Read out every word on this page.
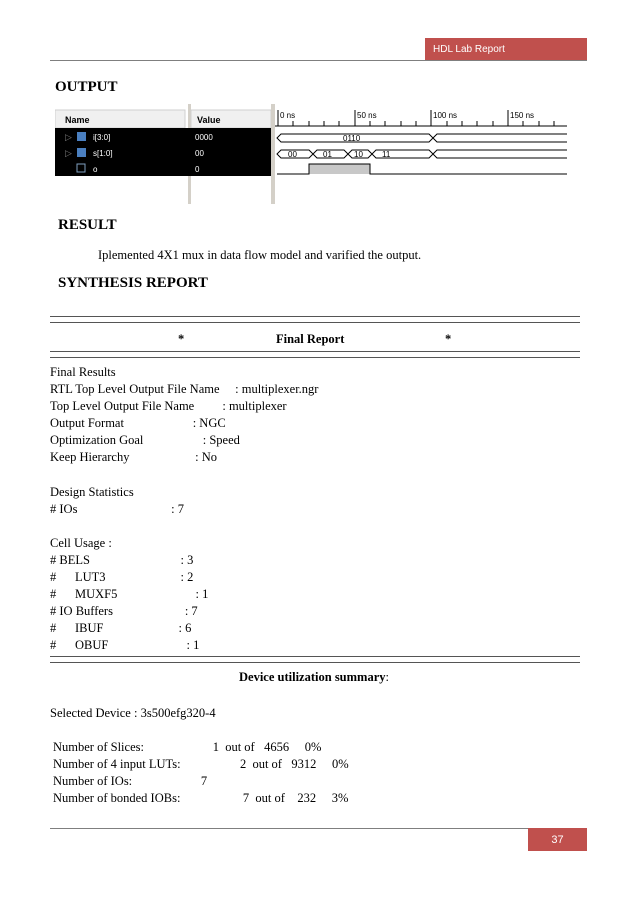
HDL Lab Report
OUTPUT
Name	Value
▷	i[3:0]	0000
▷	s[1:0]	00
o	0
0 ns	50 ns	100 ns	150 ns
0110
00	01	10 11
RESULT
Iplemented 4X1 mux in data flow model and varified the output.
SYNTHESIS REPORT
*	Final Report	*
Final Results
RTL Top Level Output File Name     : multiplexer.ngr
Top Level Output File Name         : multiplexer
Output Format                      : NGC
Optimization Goal                   : Speed
Keep Hierarchy                     : No
Design Statistics
# IOs                              : 7
Cell Usage :
# BELS                             : 3
#      LUT3                        : 2
#      MUXF5                         : 1
# IO Buffers                       : 7
#      IBUF                        : 6
#      OBUF                         : 1
Device utilization summary:
Selected Device : 3s500efg320-4
Number of Slices:                      1  out of   4656     0%
Number of 4 input LUTs:                   2  out of   9312     0%
Number of IOs:                      7
Number of bonded IOBs:                    7  out of    232     3%
37
